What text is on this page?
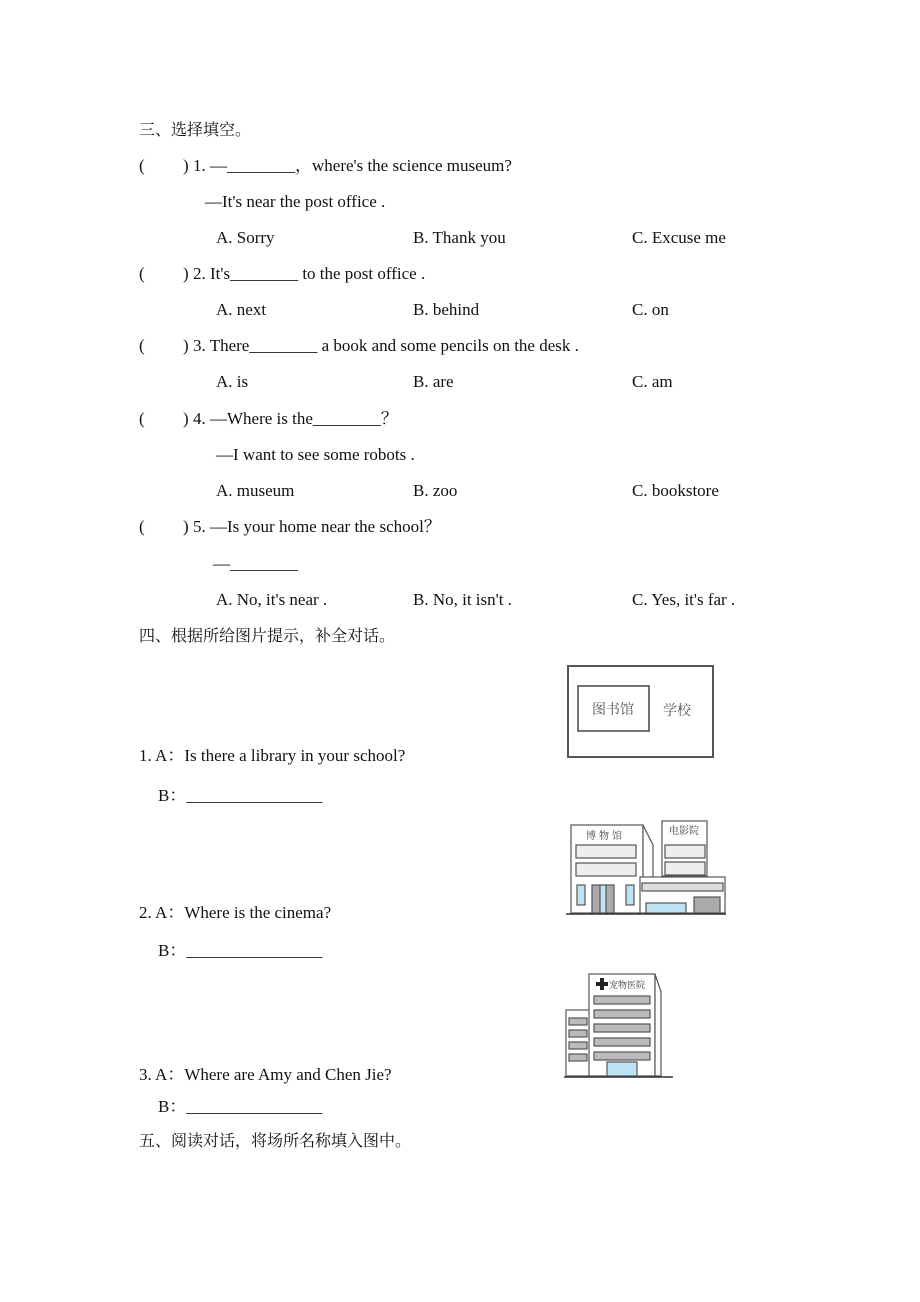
三、选择填空。
( ) 1. —________，where's the science museum?
—It's near the post office .
A. Sorry	B. Thank you	C. Excuse me
( ) 2. It's________ to the post office .
A. next	B. behind	C. on
( ) 3. There________ a book and some pencils on the desk .
A. is	B. are	C. am
( ) 4. —Where is the________？
—I want to see some robots .
A. museum	B. zoo	C. bookstore
( ) 5. —Is your home near the school？
—________
A. No, it's near .	B. No, it isn't .	C. Yes, it's far .
四、根据所给图片提示，补全对话。
1. A：Is there a library in your school?
B：________________
2. A：Where is the cinema?
B：________________
3. A：Where are Amy and Chen Jie?
B：________________
图书馆 学校
博 物 馆	电影院
宠物医院
五、阅读对话，将场所名称填入图中。
